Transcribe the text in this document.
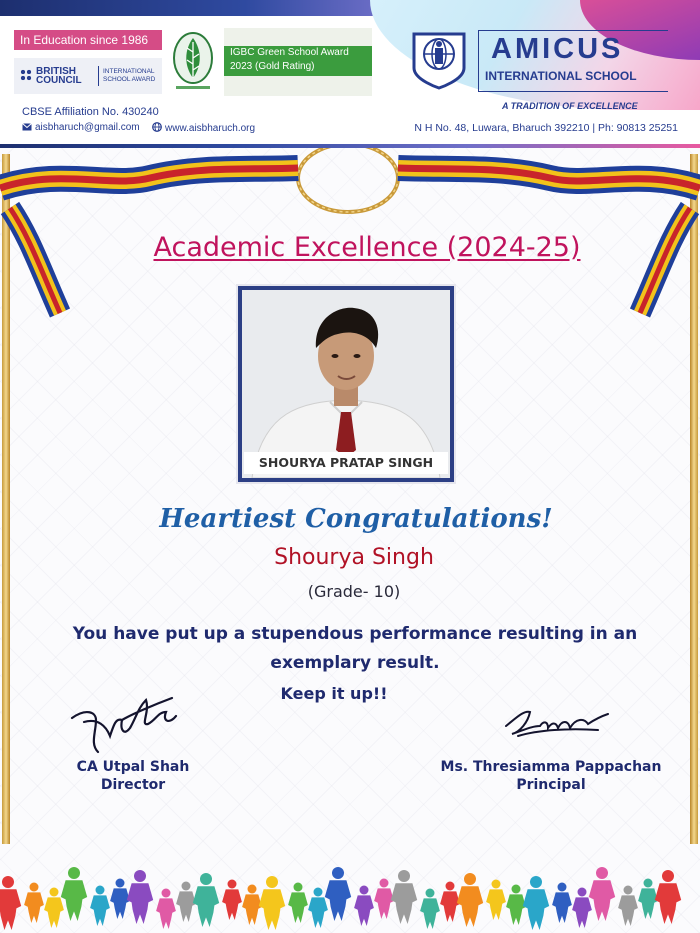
In Education since 1986
BRITISH COUNCIL
INTERNATIONAL SCHOOL AWARD
IGBC Green School Award
2023 (Gold Rating)
AMICUS
INTERNATIONAL SCHOOL
A TRADITION OF EXCELLENCE
CBSE Affiliation No. 430240
aisbharuch@gmail.com	www.aisbharuch.org	N H No. 48, Luwara, Bharuch 392210 | Ph: 90813 25251
Academic Excellence (2024-25)
SHOURYA PRATAP SINGH
Heartiest Congratulations!
Shourya Singh
(Grade- 10)
You have put up a stupendous performance resulting in an exemplary result.
Keep it up!!
CA Utpal Shah
Director
Ms. Thresiamma Pappachan
Principal
